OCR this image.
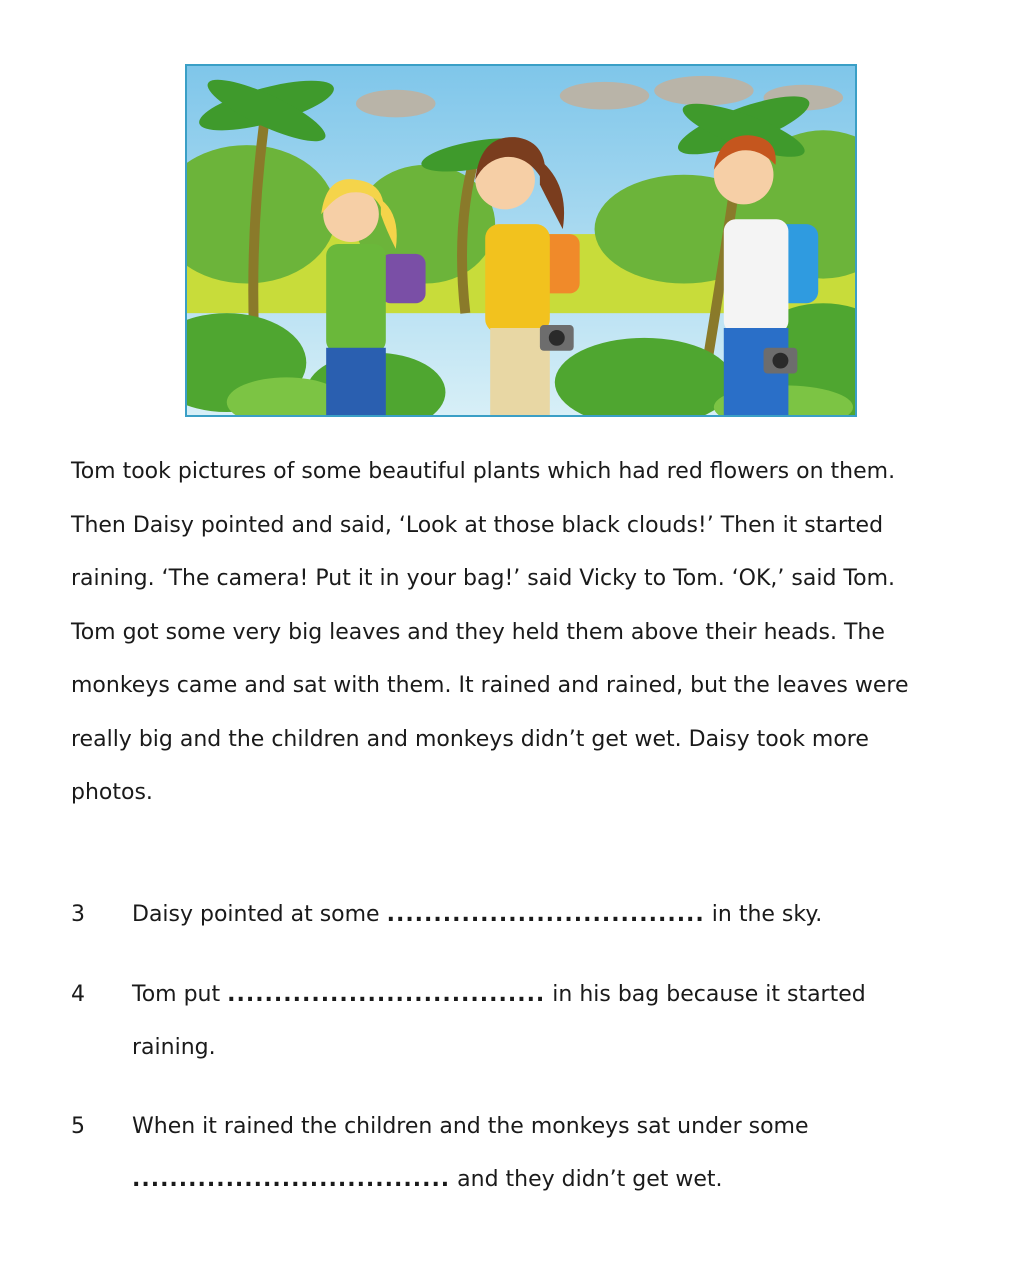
Tom took pictures of some beautiful plants which had red flowers on them.
Then Daisy pointed and said, ‘Look at those black clouds!’ Then it started
raining. ‘The camera! Put it in your bag!’ said Vicky to Tom. ‘OK,’ said Tom.
Tom got some very big leaves and they held them above their heads. The
monkeys came and sat with them. It rained and rained, but the leaves were
really big and the children and monkeys didn’t get wet. Daisy took more
photos.
3	Daisy pointed at some .................................. in the sky.
4	Tom put .................................. in his bag because it started
raining.
5	When it rained the children and the monkeys sat under some
.................................. and they didn’t get wet.
